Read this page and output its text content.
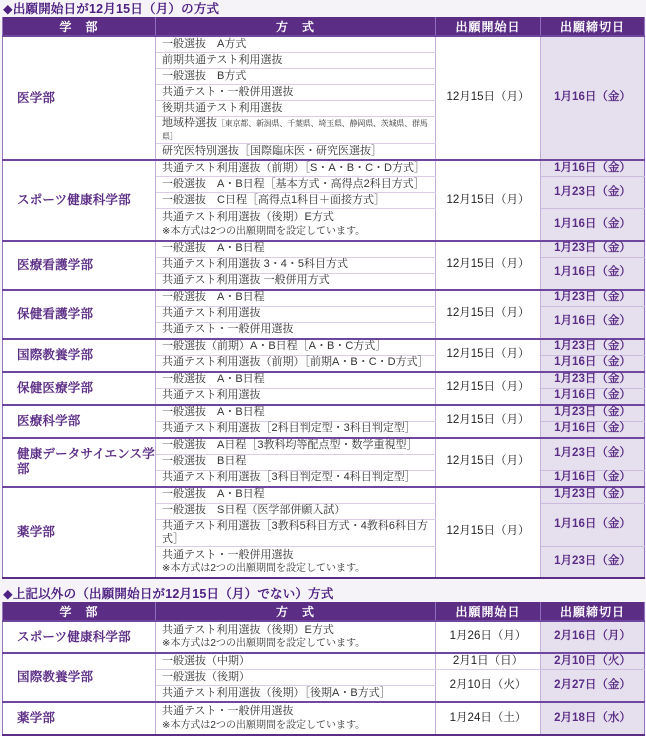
◆出願開始日が12月15日（月）の方式
学　部	方　式	出願開始日	出願締切日
医学部	一般選抜　A方式	12月15日（月）	1月16日（金）
	前期共通テスト利用選抜		
	一般選抜　B方式		
	共通テスト・一般併用選抜		
	後期共通テスト利用選抜		
	地域枠選抜［東京都、新潟県、千葉県、埼玉県、静岡県、茨城県、群馬県］		
	研究医特別選抜［国際臨床医・研究医選抜］		
スポーツ健康科学部	共通テスト利用選抜（前期）［S・A・B・C・D方式］	12月15日（月）	1月16日（金）
	一般選抜　A・B日程［基本方式・高得点2科目方式］		1月23日（金）
	一般選抜　C日程［高得点1科目＋面接方式］		

	共通テスト利用選抜（後期）E方式
※本方式は2つの出願期間を設定しています。		1月16日（金）
医療看護学部	一般選抜　A・B日程	12月15日（月）	1月23日（金）
	共通テスト利用選抜 3・4・5科目方式		1月16日（金）
	共通テスト利用選抜 一般併用方式		
保健看護学部	一般選抜　A・B日程	12月15日（月）	1月23日（金）
	共通テスト利用選抜		1月16日（金）
	共通テスト・一般併用選抜		
国際教養学部	一般選抜（前期）A・B日程［A・B・C方式］	12月15日（月）	1月23日（金）
	共通テスト利用選抜（前期）［前期A・B・C・D方式］		1月16日（金）
保健医療学部	一般選抜　A・B日程	12月15日（月）	1月23日（金）
	共通テスト利用選抜		1月16日（金）
医療科学部	一般選抜　A・B日程	12月15日（月）	1月23日（金）
	共通テスト利用選抜［2科目判定型・3科目判定型］		1月16日（金）
健康データサイエンス学部	一般選抜　A日程［3教科均等配点型・数学重視型］	12月15日（月）	1月23日（金）
	一般選抜　B日程		
	共通テスト利用選抜［3科目判定型・4科目判定型］		1月16日（金）
薬学部	一般選抜　A・B日程	12月15日（月）	1月23日（金）
	一般選抜　S日程（医学部併願入試）		1月16日（金）
	共通テスト利用選抜［3教科5科目方式・4教科6科目方式］		

	共通テスト・一般併用選抜
※本方式は2つの出願期間を設定しています。		1月23日（金）
◆上記以外の（出願開始日が12月15日（月）でない）方式
学　部	方　式	出願開始日	出願締切日
スポーツ健康科学部	共通テスト利用選抜（後期）E方式
※本方式は2つの出願期間を設定しています。	1月26日（月）	2月16日（月）
国際教養学部	一般選抜（中期）	2月1日（日）	2月10日（火）
	一般選抜（後期）	2月10日（火）	2月27日（金）
	共通テスト利用選抜（後期）［後期A・B方式］		
薬学部	共通テスト・一般併用選抜
※本方式は2つの出願期間を設定しています。	1月24日（土）	2月18日（水）
